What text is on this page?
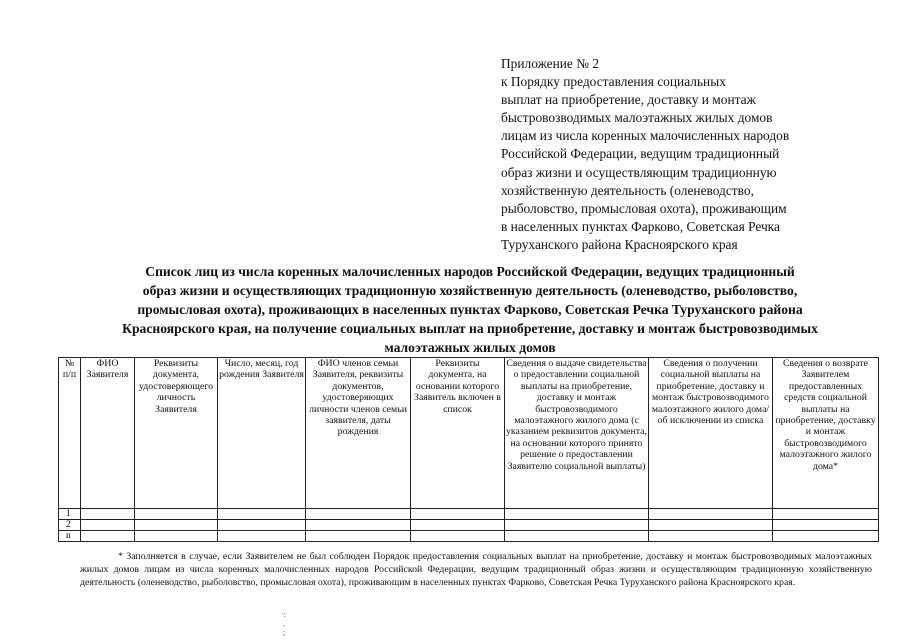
Приложение № 2
к Порядку предоставления социальных
выплат на приобретение, доставку и монтаж
быстровозводимых малоэтажных жилых домов
лицам из числа коренных малочисленных народов
Российской Федерации, ведущим традиционный
образ жизни и осуществляющим традиционную
хозяйственную деятельность (оленеводство,
рыболовство, промысловая охота), проживающим
в населенных пунктах Фарково, Советская Речка
Туруханского района Красноярского края
Список лиц из числа коренных малочисленных народов Российской Федерации, ведущих традиционный
образ жизни и осуществляющих традиционную хозяйственную деятельность (оленеводство, рыболовство,
промысловая охота), проживающих в населенных пунктах Фарково, Советская Речка Туруханского района
Красноярского края, на получение социальных выплат на приобретение, доставку и монтаж быстровозводимых
малоэтажных жилых домов
№ п/п	ФИО Заявителя	Реквизиты документа, удостоверяющего личность Заявителя	Число, месяц, год рождения Заявителя	ФИО членов семьи Заявителя, реквизиты документов, удостоверяющих личности членов семьи заявителя, даты рождения	Реквизиты документа, на основании которого Заявитель включен в список	Сведения о выдаче свидетельства о предоставлении социальной выплаты на приобретение, доставку и монтаж быстровозводимого малоэтажного жилого дома (с указанием реквизитов документа, на основании которого принято решение о предоставлении Заявителю социальной выплаты)	Сведения о получении социальной выплаты на приобретение, доставку и монтаж быстровозводимого малоэтажного жилого дома/об исключении из списка	Сведения о возврате Заявителем предоставленных средств социальной выплаты на приобретение, доставку и монтаж быстровозводимого малоэтажного жилого дома*
1								
2								
n								
* Заполняется в случае, если Заявителем не был соблюден Порядок предоставления социальных выплат на приобретение, доставку и монтаж быстровозводимых малоэтажных жилых домов лицам из числа коренных малочисленных народов Российской Федерации, ведущим традиционный образ жизни и осуществляющим традиционную хозяйственную деятельность (оленеводство, рыболовство, промысловая охота), проживающим в населенных пунктах Фарково, Советская Речка Туруханского района Красноярского края.
·:
,
;
